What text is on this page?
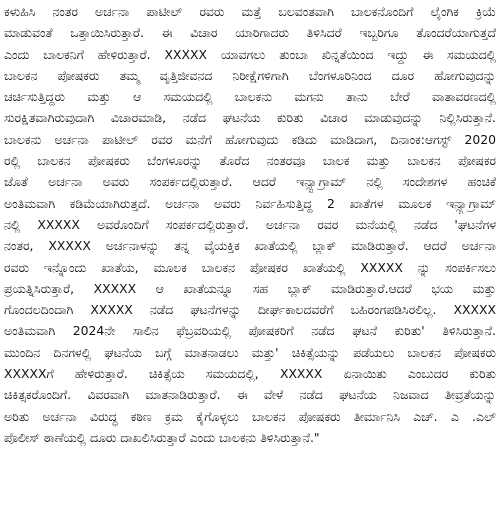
ಕಳುಹಿಸಿ ನಂತರ ಅರ್ಚನಾ ಪಾಟೀಲ್ ರವರು ಮತ್ತೆ ಬಲವಂತವಾಗಿ ಬಾಲಕನೊಂದಿಗೆ ಲೈಂಗಿಕ ಕ್ರಿಯೆ
ಮಾಡುವಂತೆ ಒತ್ತಾಯಿಸಿರುತ್ತಾರೆ. ಈ ವಿಚಾರ ಯಾರಿಗಾದರು ತಿಳಿಸಿದರೆ ಇಬ್ಬರಿಗೂ ತೊಂದರೆಯಾಗುತ್ತದೆ
ಎಂದು ಬಾಲಕನಿಗೆ ಹೇಳಿರುತ್ತಾರೆ. XXXXX ಯಾವಗಲು ತುಂಬಾ ಖಿನ್ನತೆಯಿಂದ ಇದ್ದು ಈ ಸಮಯದಲ್ಲಿ
ಬಾಲಕನ ಪೋಷಕರು ತಮ್ಮ ವೃತ್ತಿಜೀವನದ ನಿರೀಕ್ಷೆಗಳಿಗಾಗಿ ಬೆಂಗಳೂರಿನಿಂದ ದೂರ ಹೋಗುವುದನ್ನು
ಚರ್ಚಿಸುತ್ತಿದ್ದರು ಮತ್ತು ಆ ಸಮಯದಲ್ಲಿ ಬಾಲಕನು ಮಗನು ತಾನು ಬೇರೆ ವಾತಾವರಣದಲ್ಲಿ
ಸುರಕ್ಷಿತವಾಗಿರುವುದಾಗಿ ವಿಚಾರಮಾಡಿ, ನಡೆದ ಘಟನೆಯ ಕುರಿತು ವಿಚಾರ ಮಾಡುವುದನ್ನು ನಿಲ್ಲಿಸಿರುತ್ತಾನೆ.
ಬಾಲಕನು ಅರ್ಚನಾ ಪಾಟೀಲ್ ರವರ ಮನೆಗೆ ಹೋಗುವುದು ಕಡಿದು ಮಾಡಿದಾಗ, ದಿನಾಂಕ:ಆಗಸ್ಟ್ 2020
ರಲ್ಲಿ ಬಾಲಕನ ಪೋಷಕರು ಬೆಂಗಳೂರನ್ನು ತೊರೆದ ನಂತರವೂ ಬಾಲಕ ಮತ್ತು ಬಾಲಕನ ಪೋಷಕರ
ಜೊತೆ ಅರ್ಚನಾ ಅವರು ಸಂಪರ್ಕದಲ್ಲಿರುತ್ತಾರೆ. ಆದರೆ ಇನ್ಸ್ಟಾಗ್ರಾಮ್ ನಲ್ಲಿ ಸಂದೇಶಗಳ ಹಂಚಿಕೆ
ಅಂತಿಮವಾಗಿ ಕಡಿಮೆಯಾಗಿರುತ್ತದೆ. ಅರ್ಚನಾ ಅವರು ನಿರ್ವಹಿಸುತ್ತಿದ್ದ 2 ಖಾತೆಗಳ ಮೂಲಕ ಇನ್ಸ್ಟಾಗ್ರಾಮ್
ನಲ್ಲಿ XXXXX ಅವರೊಂದಿಗೆ ಸಂಪರ್ಕದಲ್ಲಿರುತ್ತಾರೆ. ಅರ್ಚನಾ ರವರ ಮನೆಯಲ್ಲಿ ನಡೆದ 'ಘಟನೆಗಳ
ನಂತರ, XXXXX ಅರ್ಚನಾಳನ್ನು ತನ್ನ ವೈಯಕ್ತಿಕ ಖಾತೆಯಲ್ಲಿ ಬ್ಲಾಕ್ ಮಾಡಿರುತ್ತಾರೆ. ಆದರೆ ಅರ್ಚನಾ
ರವರು ಇನ್ನೊಂದು ಖಾತೆಯ, ಮೂಲಕ ಬಾಲಕನ ಪೋಷಕರ ಖಾತೆಯಲ್ಲಿ XXXXX ನ್ನು ಸಂಪರ್ಕಿಸಲು
ಪ್ರಯತ್ನಿಸಿರುತ್ತಾರೆ, XXXXX ಆ ಖಾತೆಯನ್ನೂ ಸಹ ಬ್ಲಾಕ್ ಮಾಡಿರುತ್ತಾರೆ.ಆದರೆ ಭಯ ಮತ್ತು
ಗೊಂದಲದಿಂದಾಗಿ XXXXX ನಡೆದ ಘಟನೆಗಳನ್ನು ದೀರ್ಘಕಾಲದವರೆಗೆ ಬಹಿರಂಗಪಡಿಸಿರಲಿಲ್ಲ. XXXXX
ಅಂತಿಮವಾಗಿ 2024ನೇ ಸಾಲಿನ ಫೆಬ್ರವರಿಯಲ್ಲಿ ಪೋಷಕರಿಗೆ ನಡೆದ ಘಟನೆ ಕುರಿತು' ತಿಳಿಸಿರುತ್ತಾನೆ.
ಮುಂದಿನ ದಿನಗಳಲ್ಲಿ ಘಟನೆಯ ಬಗ್ಗೆ ಮಾತನಾಡಲು ಮತ್ತು' ಚಿಕಿತ್ಸೆಯನ್ನು ಪಡೆಯಲು ಬಾಲಕನ ಪೋಷಕರು
XXXXXಗೆ ಹೇಳಿರುತ್ತಾರೆ. ಚಿಕಿತ್ಸೆಯ ಸಮಯದಲ್ಲಿ, XXXXX ಏನಾಯಿತು ಎಂಬುದರ ಕುರಿತು
ಚಿಕಿತ್ಸಕರೊಂದಿಗೆ. ವಿವರವಾಗಿ ಮಾತನಾಡಿರುತ್ತಾರೆ. ಈ ವೇಳೆ ನಡೆದ ಘಟನೆಯ ನಿಜವಾದ ತೀವ್ರತೆಯನ್ನು
ಅರಿತು ಅರ್ಚನಾ ವಿರುದ್ಧ ಕಠಿಣ ಕ್ರಮ ಕೈಗೊಳ್ಳಲು ಬಾಲಕನ ಪೋಷಕರು ತೀರ್ಮಾನಿಸಿ ಎಚ್. ಎ .ಎಲ್
ಪೊಲೀಸ್ ಠಾಣೆಯಲ್ಲಿ ದೂರು ದಾಖಲಿಸಿರುತ್ತಾರೆ ಎಂದು ಬಾಲಕನು ತಿಳಿಸಿರುತ್ತಾನೆ."
